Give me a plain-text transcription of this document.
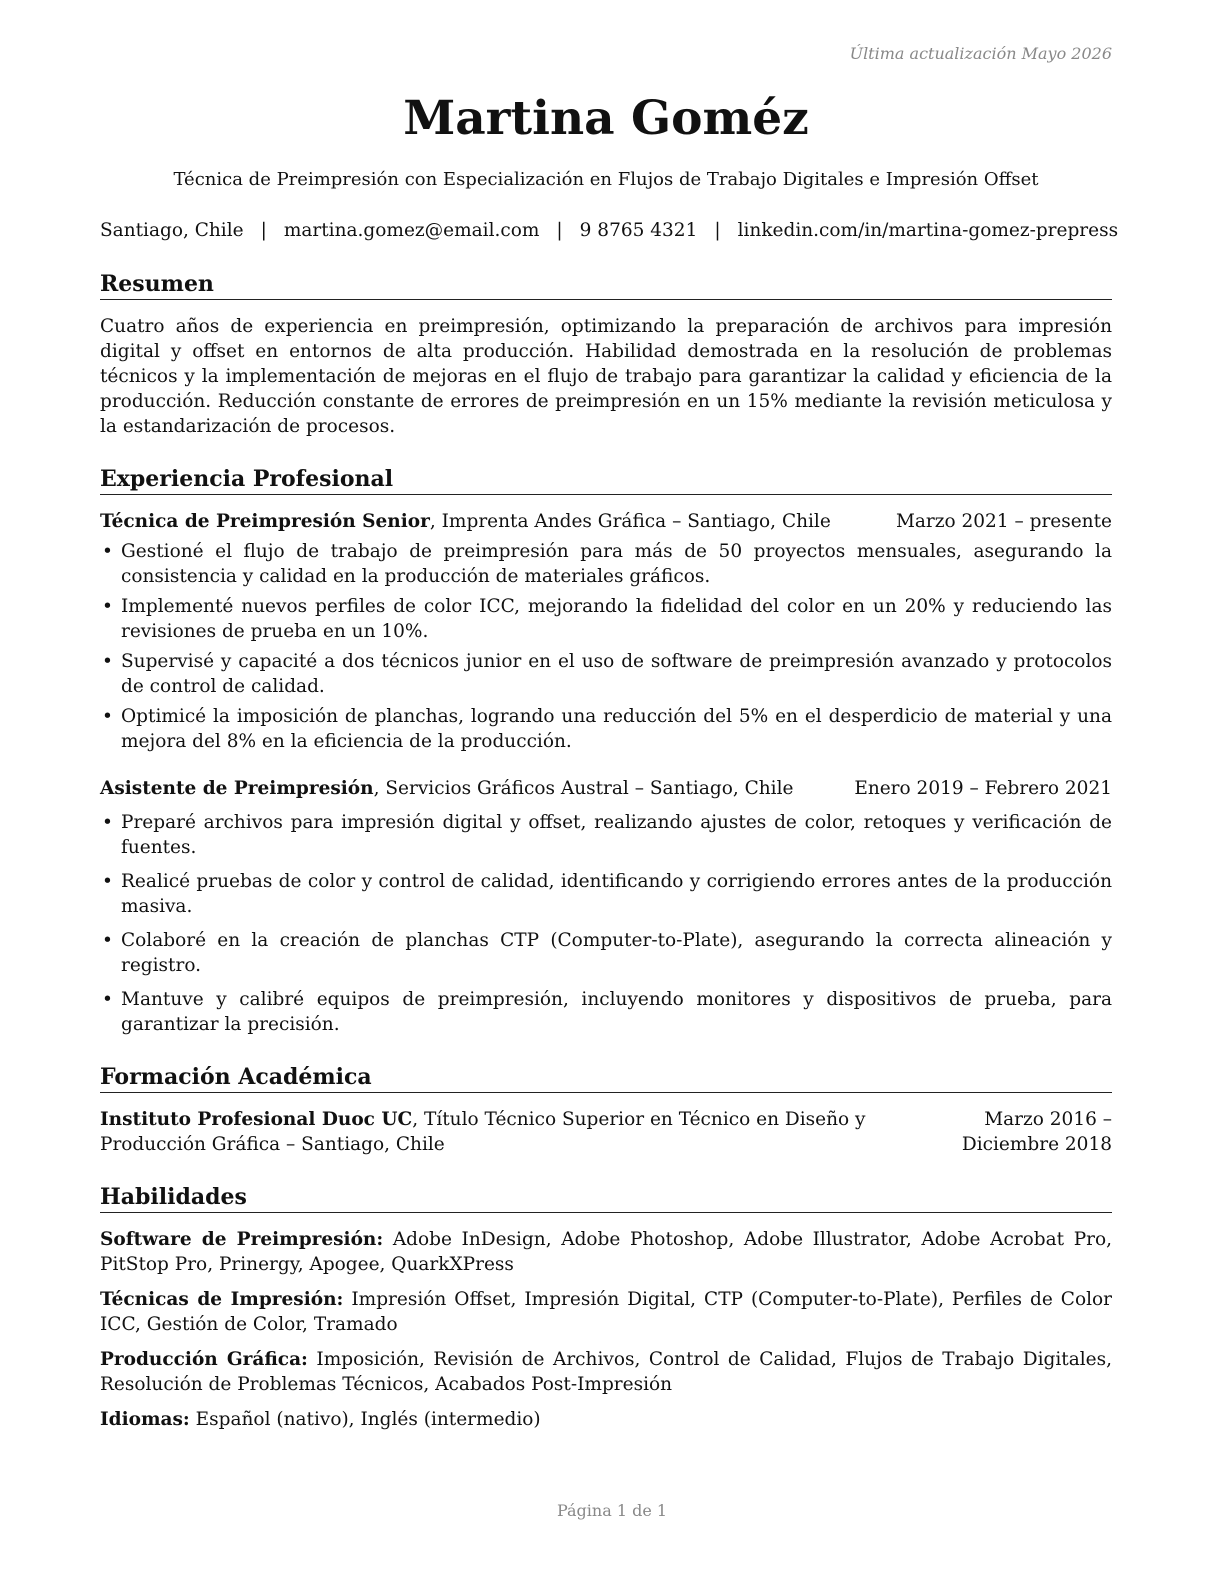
Última actualización Mayo 2026

Martina Goméz

Técnica de Preimpresión con Especialización en Flujos de Trabajo Digitales e Impresión Offset

Santiago, Chile | martina.gomez@email.com | 9 8765 4321 | linkedin.com/in/martina-gomez-prepress
Resumen

Cuatro años de experiencia en preimpresión, optimizando la preparación de archivos para impresión digital y offset en entornos de alta producción. Habilidad demostrada en la resolución de problemas técnicos y la implementación de mejoras en el flujo de trabajo para garantizar la calidad y eficiencia de la producción. Reducción constante de errores de preimpresión en un 15% mediante la revisión meticulosa y la estandarización de procesos.

Experiencia Profesional
Técnica de Preimpresión Senior, Imprenta Andes Gráfica – Santiago, Chile	Marzo 2021 – presente
• Gestioné el flujo de trabajo de preimpresión para más de 50 proyectos mensuales, asegurando la consistencia y calidad en la producción de materiales gráficos.
• Implementé nuevos perfiles de color ICC, mejorando la fidelidad del color en un 20% y reduciendo las revisiones de prueba en un 10%.
• Supervisé y capacité a dos técnicos junior en el uso de software de preimpresión avanzado y protocolos de control de calidad.
• Optimicé la imposición de planchas, logrando una reducción del 5% en el desperdicio de material y una mejora del 8% en la eficiencia de la producción.
Asistente de Preimpresión, Servicios Gráficos Austral – Santiago, Chile	Enero 2019 – Febrero 2021
• Preparé archivos para impresión digital y offset, realizando ajustes de color, retoques y verificación de fuentes.
• Realicé pruebas de color y control de calidad, identificando y corrigiendo errores antes de la producción masiva.
• Colaboré en la creación de planchas CTP (Computer-to-Plate), asegurando la correcta alineación y registro.
• Mantuve y calibré equipos de preimpresión, incluyendo monitores y dispositivos de prueba, para garantizar la precisión.
Formación Académica
Instituto Profesional Duoc UC, Título Técnico Superior en Técnico en Diseño y Producción Gráfica – Santiago, Chile
Marzo 2016 – Diciembre 2018
Habilidades

Software de Preimpresión: Adobe InDesign, Adobe Photoshop, Adobe Illustrator, Adobe Acrobat Pro, PitStop Pro, Prinergy, Apogee, QuarkXPress

Técnicas de Impresión: Impresión Offset, Impresión Digital, CTP (Computer-to-Plate), Perfiles de Color ICC, Gestión de Color, Tramado

Producción Gráfica: Imposición, Revisión de Archivos, Control de Calidad, Flujos de Trabajo Digitales, Resolución de Problemas Técnicos, Acabados Post-Impresión

Idiomas: Español (nativo), Inglés (intermedio)

Página 1 de 1
